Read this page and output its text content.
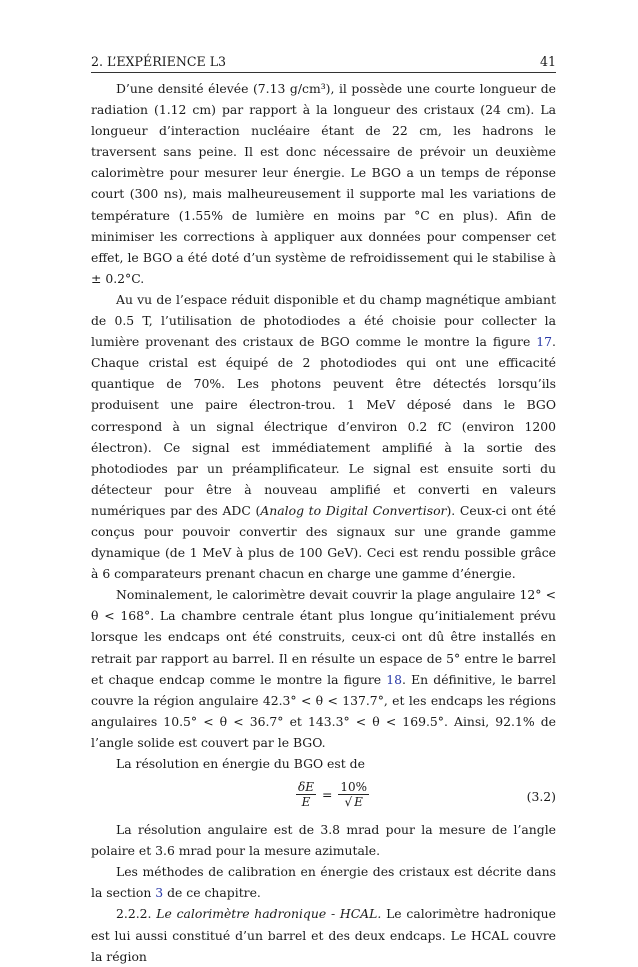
2. L’EXPÉRIENCE L3	41

D’une densité élevée (7.13 g/cm³), il possède une courte longueur de radiation (1.12 cm) par rapport à la longueur des cristaux (24 cm). La longueur d’interaction nucléaire étant de 22 cm, les hadrons le traversent sans peine. Il est donc nécessaire de prévoir un deuxième calorimètre pour mesurer leur énergie. Le BGO a un temps de réponse court (300 ns), mais malheureusement il supporte mal les variations de température (1.55% de lumière en moins par °C en plus). Afin de minimiser les corrections à appliquer aux données pour compenser cet effet, le BGO a été doté d’un système de refroidissement qui le stabilise à ± 0.2°C.

Au vu de l’espace réduit disponible et du champ magnétique ambiant de 0.5 T, l’utilisation de photodiodes a été choisie pour collecter la lumière provenant des cristaux de BGO comme le montre la figure 17. Chaque cristal est équipé de 2 photodiodes qui ont une efficacité quantique de 70%. Les photons peuvent être détectés lorsqu’ils produisent une paire électron-trou. 1 MeV déposé dans le BGO correspond à un signal électrique d’environ 0.2 fC (environ 1200 électron). Ce signal est immédiatement amplifié à la sortie des photodiodes par un préamplificateur. Le signal est ensuite sorti du détecteur pour être à nouveau amplifié et converti en valeurs numériques par des ADC (Analog to Digital Convertisor). Ceux-ci ont été conçus pour pouvoir convertir des signaux sur une grande gamme dynamique (de 1 MeV à plus de 100 GeV). Ceci est rendu possible grâce à 6 comparateurs prenant chacun en charge une gamme d’énergie.

Nominalement, le calorimètre devait couvrir la plage angulaire 12° < θ < 168°. La chambre centrale étant plus longue qu’initialement prévu lorsque les endcaps ont été construits, ceux-ci ont dû être installés en retrait par rapport au barrel. Il en résulte un espace de 5° entre le barrel et chaque endcap comme le montre la figure 18. En définitive, le barrel couvre la région angulaire 42.3° < θ < 137.7°, et les endcaps les régions angulaires 10.5° < θ < 36.7° et 143.3° < θ < 169.5°. Ainsi, 92.1% de l’angle solide est couvert par le BGO.

La résolution en énergie du BGO est de

$\frac{\delta E}{E} = \frac{10\%}{√ E}$	(3.2)

La résolution angulaire est de 3.8 mrad pour la mesure de l’angle polaire et 3.6 mrad pour la mesure azimutale.

Les méthodes de calibration en énergie des cristaux est décrite dans la section 3 de ce chapitre.

2.2.2. Le calorimètre hadronique - HCAL. Le calorimètre hadronique est lui aussi constitué d’un barrel et des deux endcaps. Le HCAL couvre la région
